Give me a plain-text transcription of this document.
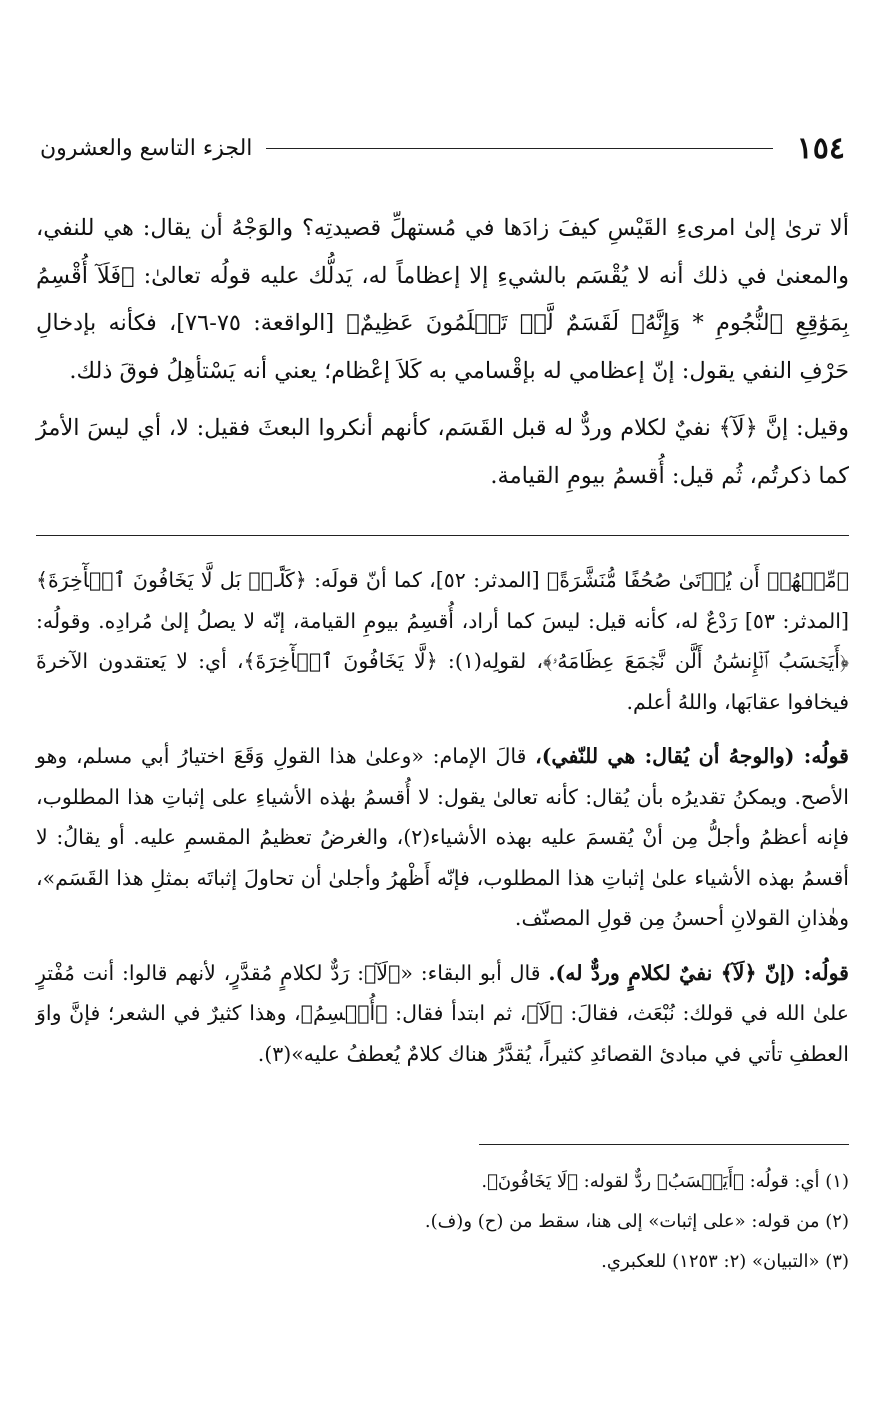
١٥٤
الجزء التاسع والعشرون

ألا ترىٰ إلىٰ امرىءِ القَيْسِ كيفَ زادَها في مُستهلِّ قصيدتِه؟ والوَجْهُ أن يقال: هي للنفي، والمعنىٰ في ذلك أنه لا يُقْسَم بالشيءِ إلا إعظاماً له، يَدلُّك عليه قولُه تعالىٰ: ﴿فَلَآ أُقْسِمُ بِمَوَٰقِعِ ٱلنُّجُومِ * وَإِنَّهُۥ لَقَسَمٌ لَّوۡ تَعۡلَمُونَ عَظِيمٌ﴾ [الواقعة: ٧٥-٧٦]، فكأنه بإدخالِ حَرْفِ النفي يقول: إنّ إعظامي له بإقْسامي به كَلاَ إعْظام؛ يعني أنه يَسْتأهِلُ فوقَ ذلك.

وقيل: إنَّ ﴿لَآ﴾ نفيٌ لكلام وردٌّ له قبل القَسَم، كأنهم أنكروا البعثَ فقيل: لا، أي ليسَ الأمرُ كما ذكرتُم، ثُم قيل: أُقسمُ بيومِ القيامة.

﴿مِّنۡهُمۡ أَن يُؤۡتَىٰ صُحُفًا مُّنَشَّرَةً﴾ [المدثر: ٥٢]، كما أنّ قولَه: ﴿كَلَّاۖ بَل لَّا يَخَافُونَ ٱلۡأٓخِرَةَ﴾ [المدثر: ٥٣] رَدْعٌ له، كأنه قيل: ليسَ كما أراد، أُقسِمُ بيومِ القيامة، إنّه لا يصلُ إلىٰ مُرادِه. وقولُه: ﴿أَيَحۡسَبُ ٱلۡإِنسَٰنُ أَلَّن نَّجۡمَعَ عِظَامَهُۥ﴾، لقولِه(١): ﴿لَّا يَخَافُونَ ٱلۡأٓخِرَةَ﴾، أي: لا يَعتقدون الآخرةَ فيخافوا عقابَها، واللهُ أعلم.

قولُه: (والوجهُ أن يُقال: هي للنّفي)، قالَ الإمام: «وعلىٰ هذا القولِ وَقَعَ اختيارُ أبي مسلم، وهو الأصح. ويمكنُ تقديرُه بأن يُقال: كأنه تعالىٰ يقول: لا أُقسمُ بهٰذه الأشياءِ على إثباتِ هذا المطلوب، فإنه أعظمُ وأجلُّ مِن أنْ يُقسمَ عليه بهذه الأشياء(٢)، والغرضُ تعظيمُ المقسمِ عليه. أو يقالُ: لا أقسمُ بهذه الأشياء علىٰ إثباتِ هذا المطلوب، فإنّه أَظْهرُ وأجلىٰ أن تحاولَ إثباتَه بمثلِ هذا القَسَم»، وهٰذانِ القولانِ أحسنُ مِن قولِ المصنّف.

قولُه: (إنّ ﴿لَآ﴾ نفيٌ لكلامٍ وردٌّ له). قال أبو البقاء: «﴿لَآ﴾: رَدٌّ لكلامٍ مُقدَّرٍ، لأنهم قالوا: أنت مُفْترٍ علىٰ الله في قولك: نُبْعَث، فقالَ: ﴿لَآ﴾، ثم ابتدأ فقال: ﴿أُقۡسِمُ﴾، وهذا كثيرٌ في الشعر؛ فإنَّ واوَ العطفِ تأتي في مبادئ القصائدِ كثيراً، يُقدَّرُ هناك كلامٌ يُعطفُ عليه»(٣).

(١) أي: قولُه: ﴿أَيَحۡسَبُ﴾ ردٌّ لقوله: ﴿لَا يَخَافُونَ﴾.

(٢) من قوله: «على إثبات» إلى هنا، سقط من (ح) و(ف).

(٣) «التبيان» (٢: ١٢٥٣) للعكبري.
